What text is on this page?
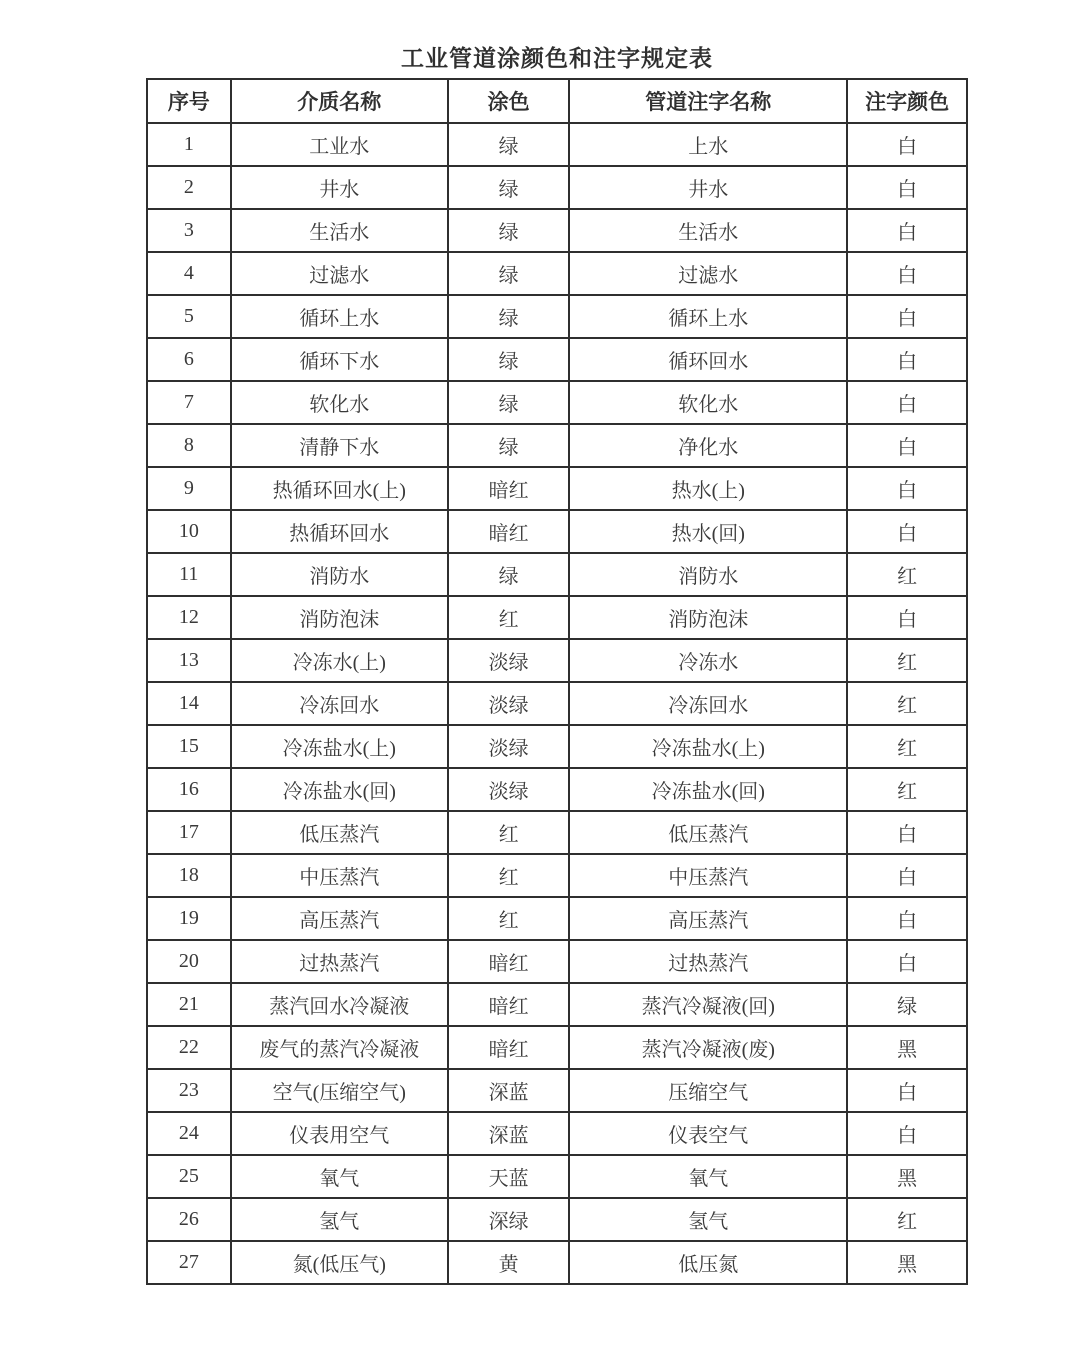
工业管道涂颜色和注字规定表
序号	介质名称	涂色	管道注字名称	注字颜色
1	工业水	绿	上水	白
2	井水	绿	井水	白
3	生活水	绿	生活水	白
4	过滤水	绿	过滤水	白
5	循环上水	绿	循环上水	白
6	循环下水	绿	循环回水	白
7	软化水	绿	软化水	白
8	清静下水	绿	净化水	白
9	热循环回水(上)	暗红	热水(上)	白
10	热循环回水	暗红	热水(回)	白
11	消防水	绿	消防水	红
12	消防泡沫	红	消防泡沫	白
13	冷冻水(上)	淡绿	冷冻水	红
14	冷冻回水	淡绿	冷冻回水	红
15	冷冻盐水(上)	淡绿	冷冻盐水(上)	红
16	冷冻盐水(回)	淡绿	冷冻盐水(回)	红
17	低压蒸汽	红	低压蒸汽	白
18	中压蒸汽	红	中压蒸汽	白
19	高压蒸汽	红	高压蒸汽	白
20	过热蒸汽	暗红	过热蒸汽	白
21	蒸汽回水冷凝液	暗红	蒸汽冷凝液(回)	绿
22	废气的蒸汽冷凝液	暗红	蒸汽冷凝液(废)	黑
23	空气(压缩空气)	深蓝	压缩空气	白
24	仪表用空气	深蓝	仪表空气	白
25	氧气	天蓝	氧气	黑
26	氢气	深绿	氢气	红
27	氮(低压气)	黄	低压氮	黑
